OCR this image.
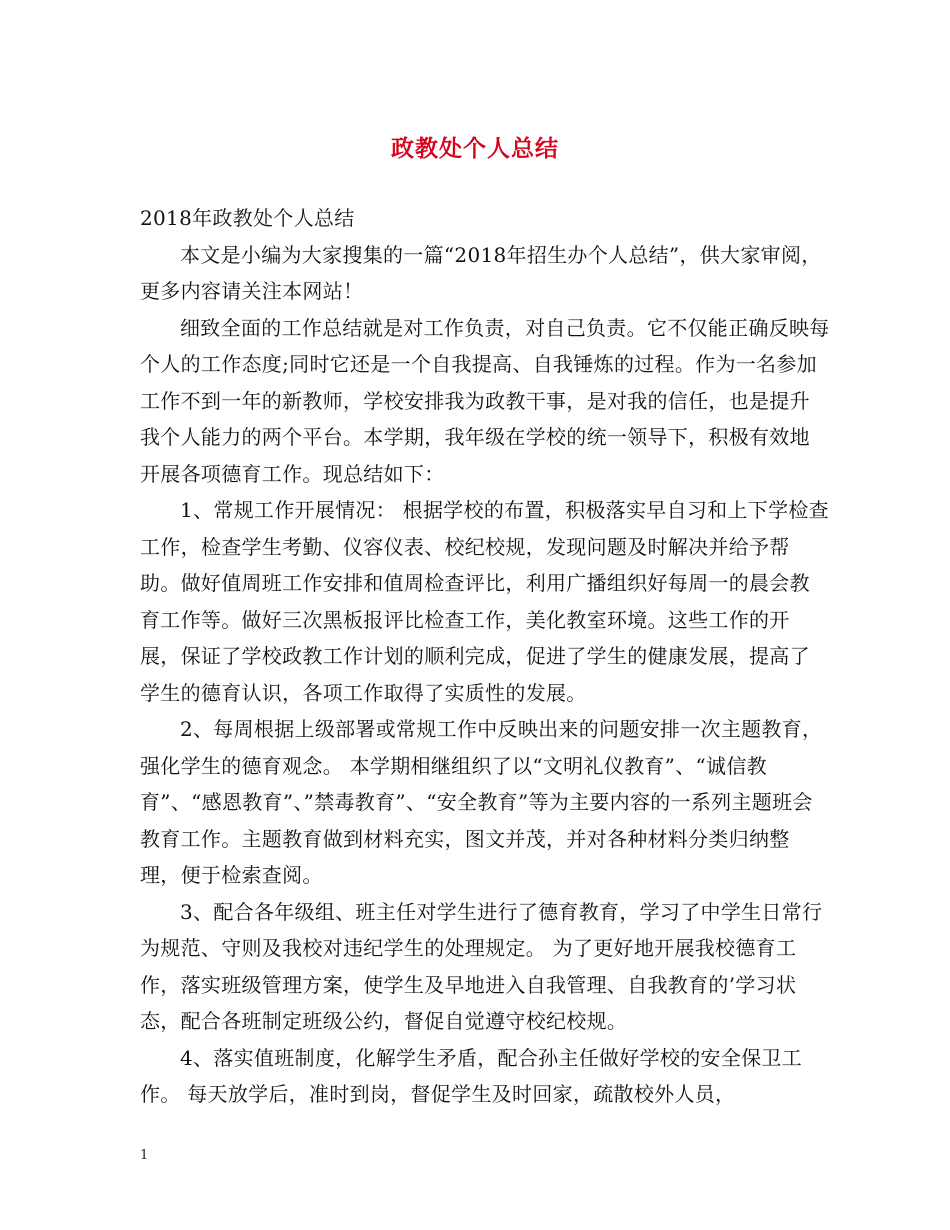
政教处个人总结

2018年政教处个人总结

本文是小编为大家搜集的一篇“2018年招生办个人总结”，供大家审阅，更多内容请关注本网站！

细致全面的工作总结就是对工作负责，对自己负责。它不仅能正确反映每个人的工作态度;同时它还是一个自我提高、自我锤炼的过程。作为一名参加工作不到一年的新教师，学校安排我为政教干事，是对我的信任，也是提升我个人能力的两个平台。本学期，我年级在学校的统一领导下，积极有效地开展各项德育工作。现总结如下：

1、常规工作开展情况： 根据学校的布置，积极落实早自习和上下学检查工作，检查学生考勤、仪容仪表、校纪校规，发现问题及时解决并给予帮助。做好值周班工作安排和值周检查评比，利用广播组织好每周一的晨会教育工作等。做好三次黑板报评比检查工作，美化教室环境。这些工作的开展，保证了学校政教工作计划的顺利完成，促进了学生的健康发展，提高了学生的德育认识，各项工作取得了实质性的发展。

2、每周根据上级部署或常规工作中反映出来的问题安排一次主题教育，强化学生的德育观念。 本学期相继组织了以“文明礼仪教育”、“诚信教育”、“感恩教育”、”禁毒教育”、“安全教育”等为主要内容的一系列主题班会教育工作。主题教育做到材料充实，图文并茂，并对各种材料分类归纳整理，便于检索查阅。

3、配合各年级组、班主任对学生进行了德育教育，学习了中学生日常行为规范、守则及我校对违纪学生的处理规定。 为了更好地开展我校德育工作，落实班级管理方案，使学生及早地进入自我管理、自我教育的’学习状态，配合各班制定班级公约，督促自觉遵守校纪校规。

4、落实值班制度，化解学生矛盾，配合孙主任做好学校的安全保卫工作。 每天放学后，准时到岗，督促学生及时回家，疏散校外人员，

1
